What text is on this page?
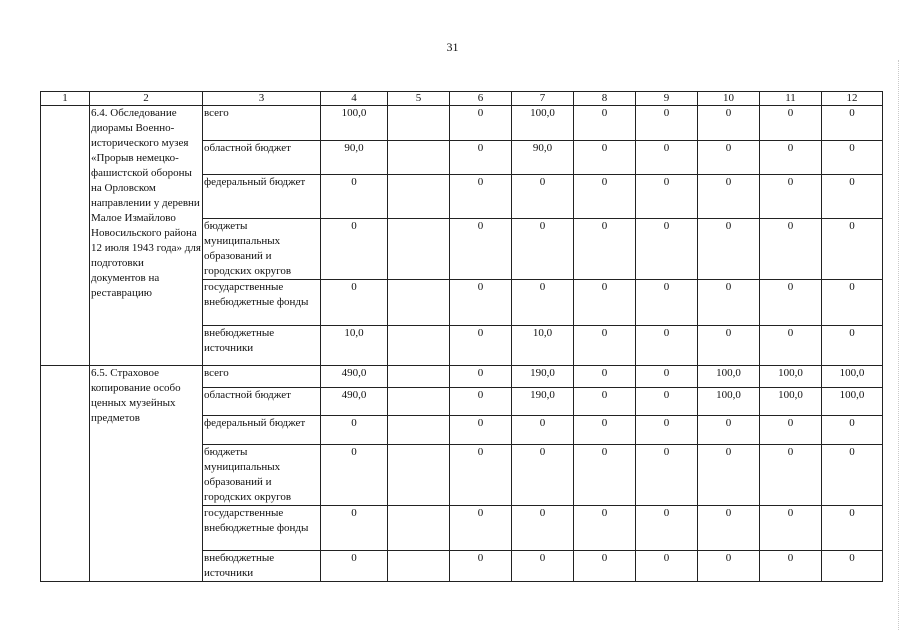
31
1	2	3	4	5	6	7	8	9	10	11	12
	6.4. Обследование диорамы Военно-исторического музея «Прорыв немецко-фашистской обороны на Орловском направлении у деревни Малое Измайлово Новосильского района 12 июля 1943 года» для подготовки документов на реставрацию	всего	100,0		0	100,0	0	0	0	0	0
		областной бюджет	90,0		0	90,0	0	0	0	0	0
		федеральный бюджет	0		0	0	0	0	0	0	0
		бюджеты муниципальных образований и городских округов	0		0	0	0	0	0	0	0
		государственные внебюджетные фонды	0		0	0	0	0	0	0	0
		внебюджетные источники	10,0		0	10,0	0	0	0	0	0
	6.5. Страховое копирование особо ценных музейных предметов	всего	490,0		0	190,0	0	0	100,0	100,0	100,0
		областной бюджет	490,0		0	190,0	0	0	100,0	100,0	100,0
		федеральный бюджет	0		0	0	0	0	0	0	0
		бюджеты муниципальных образований и городских округов	0		0	0	0	0	0	0	0
		государственные внебюджетные фонды	0		0	0	0	0	0	0	0
		внебюджетные источники	0		0	0	0	0	0	0	0
